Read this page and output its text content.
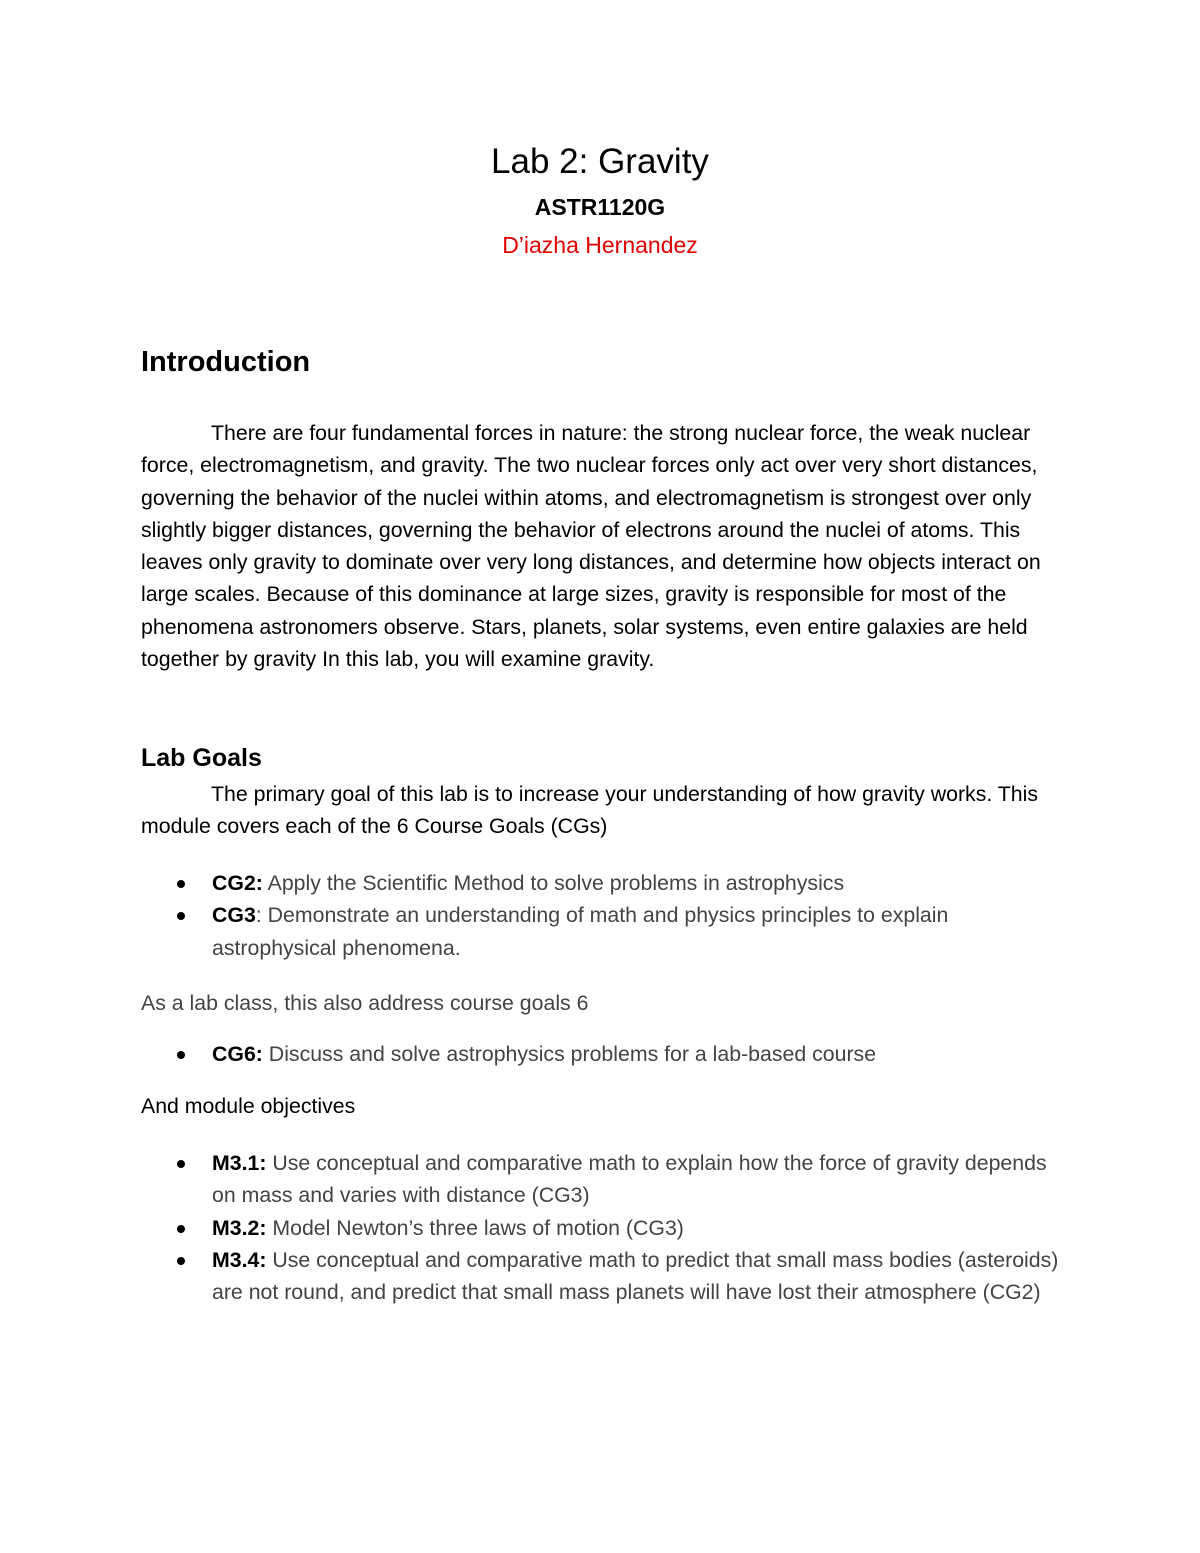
Lab 2: Gravity
ASTR1120G
D’iazha Hernandez
Introduction

There are four fundamental forces in nature: the strong nuclear force, the weak nuclear force, electromagnetism, and gravity. The two nuclear forces only act over very short distances, governing the behavior of the nuclei within atoms, and electromagnetism is strongest over only slightly bigger distances, governing the behavior of electrons around the nuclei of atoms. This leaves only gravity to dominate over very long distances, and determine how objects interact on large scales. Because of this dominance at large sizes, gravity is responsible for most of the phenomena astronomers observe. Stars, planets, solar systems, even entire galaxies are held together by gravity In this lab, you will examine gravity.

Lab Goals

The primary goal of this lab is to increase your understanding of how gravity works. This module covers each of the 6 Course Goals (CGs)

CG2: Apply the Scientific Method to solve problems in astrophysics
CG3: Demonstrate an understanding of math and physics principles to explain astrophysical phenomena.

As a lab class, this also address course goals 6

CG6: Discuss and solve astrophysics problems for a lab-based course

And module objectives

M3.1: Use conceptual and comparative math to explain how the force of gravity depends on mass and varies with distance (CG3)
M3.2: Model Newton’s three laws of motion (CG3)
M3.4: Use conceptual and comparative math to predict that small mass bodies (asteroids) are not round, and predict that small mass planets will have lost their atmosphere (CG2)
